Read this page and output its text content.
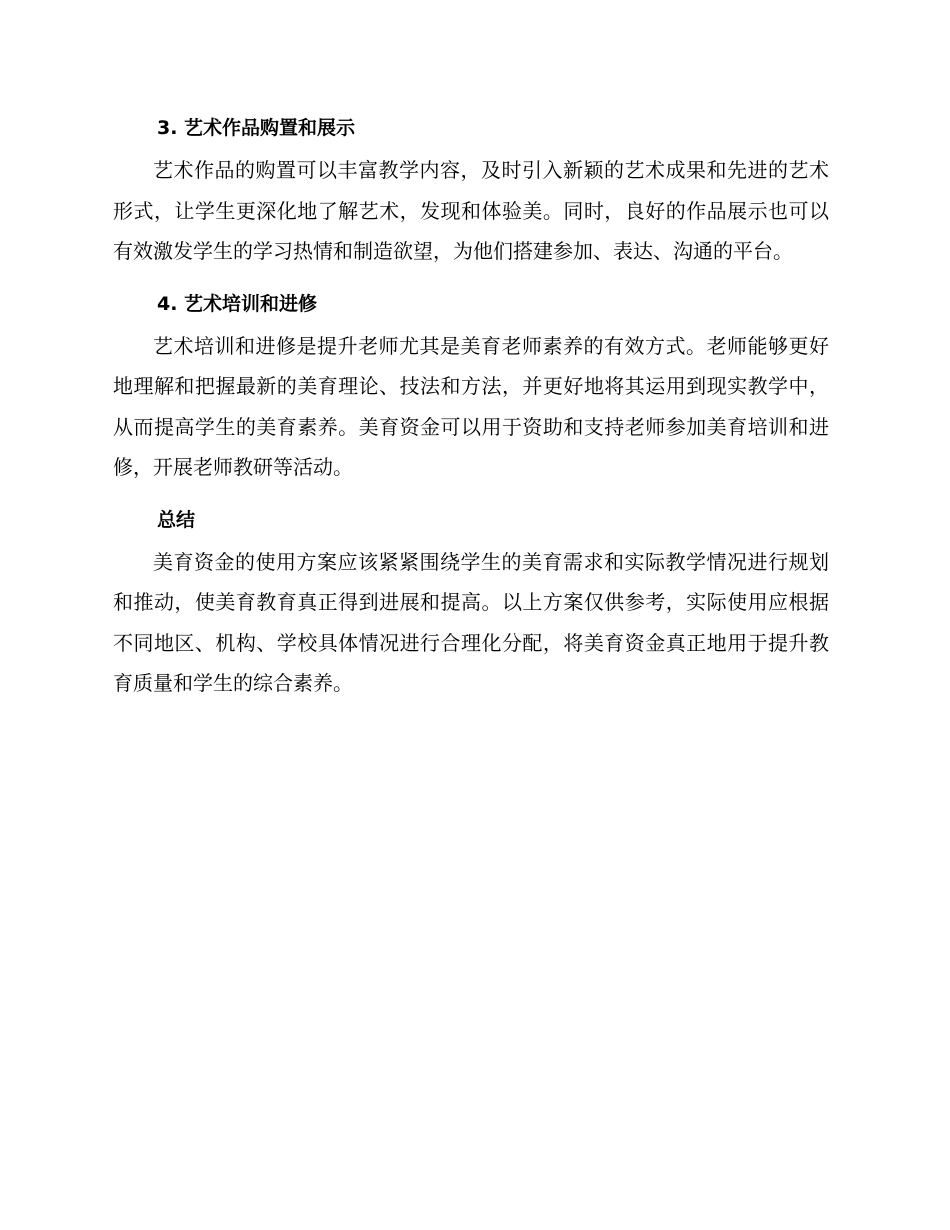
3. 艺术作品购置和展示

艺术作品的购置可以丰富教学内容，及时引入新颖的艺术成果和先进的艺术形式，让学生更深化地了解艺术，发现和体验美。同时，良好的作品展示也可以有效激发学生的学习热情和制造欲望，为他们搭建参加、表达、沟通的平台。

4. 艺术培训和进修

艺术培训和进修是提升老师尤其是美育老师素养的有效方式。老师能够更好地理解和把握最新的美育理论、技法和方法，并更好地将其运用到现实教学中，从而提高学生的美育素养。美育资金可以用于资助和支持老师参加美育培训和进修，开展老师教研等活动。

总结

美育资金的使用方案应该紧紧围绕学生的美育需求和实际教学情况进行规划和推动，使美育教育真正得到进展和提高。以上方案仅供参考，实际使用应根据不同地区、机构、学校具体情况进行合理化分配，将美育资金真正地用于提升教育质量和学生的综合素养。
